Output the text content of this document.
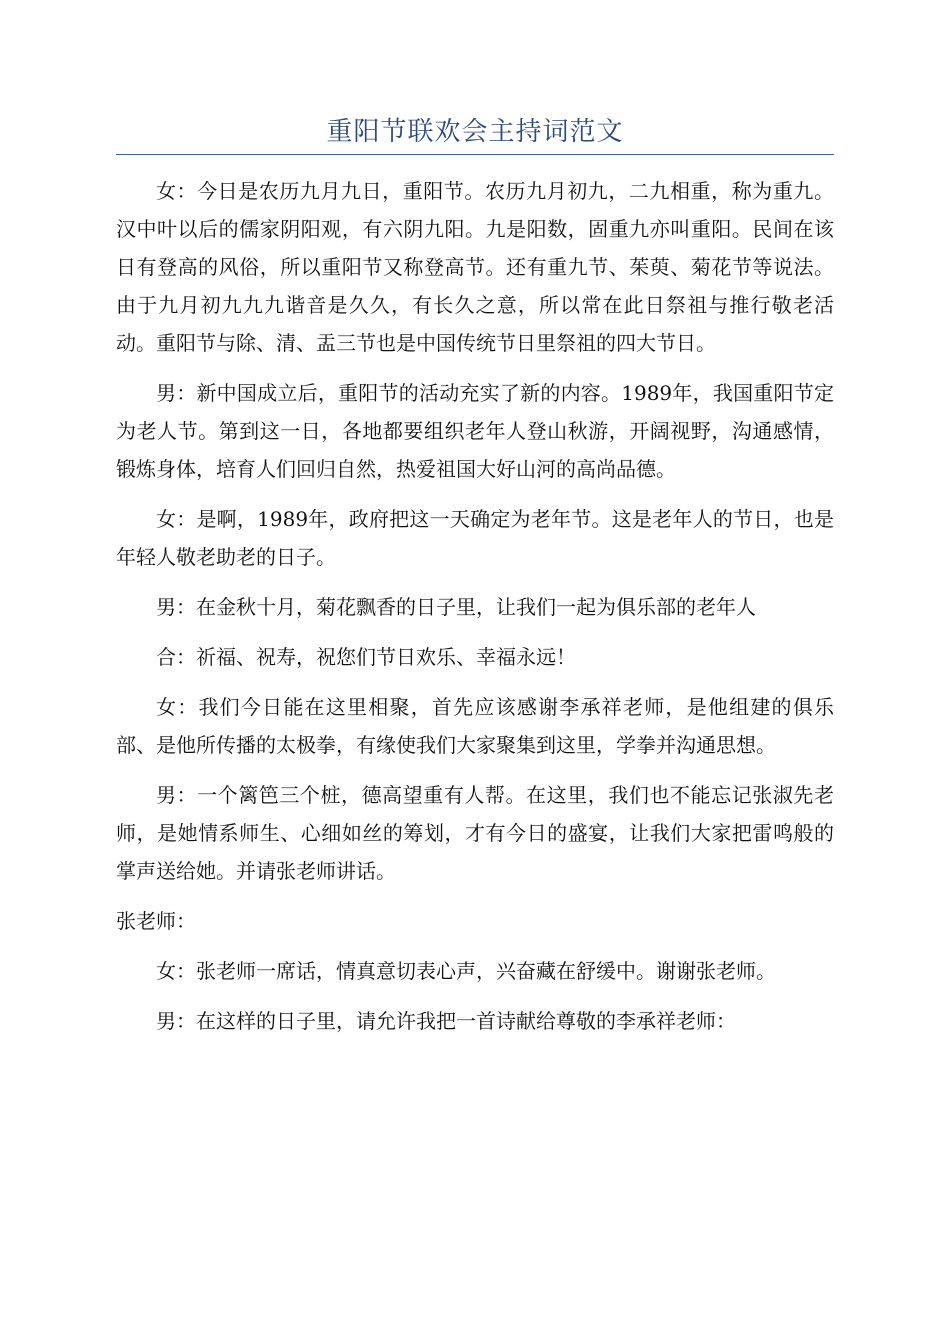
重阳节联欢会主持词范文

女：今日是农历九月九日，重阳节。农历九月初九，二九相重，称为重九。汉中叶以后的儒家阴阳观，有六阴九阳。九是阳数，固重九亦叫重阳。民间在该日有登高的风俗，所以重阳节又称登高节。还有重九节、茱萸、菊花节等说法。由于九月初九九九谐音是久久，有长久之意，所以常在此日祭祖与推行敬老活动。重阳节与除、清、盂三节也是中国传统节日里祭祖的四大节日。

男：新中国成立后，重阳节的活动充实了新的内容。1989年，我国重阳节定为老人节。第到这一日，各地都要组织老年人登山秋游，开阔视野，沟通感情，锻炼身体，培育人们回归自然，热爱祖国大好山河的高尚品德。

女：是啊，1989年，政府把这一天确定为老年节。这是老年人的节日，也是年轻人敬老助老的日子。

男：在金秋十月，菊花飘香的日子里，让我们一起为俱乐部的老年人

合：祈福、祝寿，祝您们节日欢乐、幸福永远！

女：我们今日能在这里相聚，首先应该感谢李承祥老师，是他组建的俱乐部、是他所传播的太极拳，有缘使我们大家聚集到这里，学拳并沟通思想。

男：一个篱笆三个桩，德高望重有人帮。在这里，我们也不能忘记张淑先老师，是她情系师生、心细如丝的筹划，才有今日的盛宴，让我们大家把雷鸣般的掌声送给她。并请张老师讲话。

张老师：

女：张老师一席话，情真意切表心声，兴奋藏在舒缓中。谢谢张老师。

男：在这样的日子里，请允许我把一首诗献给尊敬的李承祥老师：
